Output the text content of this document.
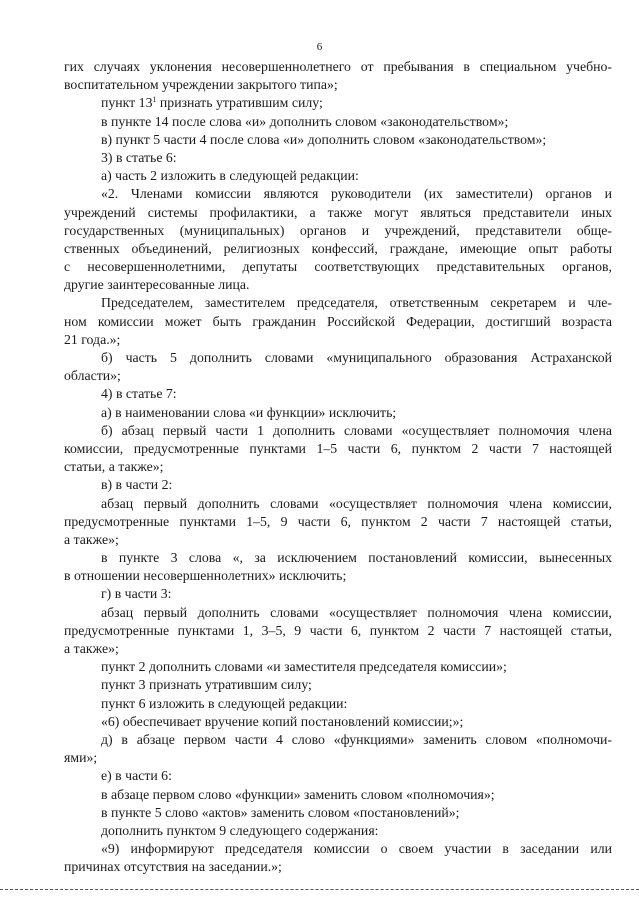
6
гих случаях уклонения несовершеннолетнего от пребывания в специальном учебно-
воспитательном учреждении закрытого типа»;
пункт $13^1$ признать утратившим силу;
в пункте 14 после слова «и» дополнить словом «законодательством»;
в) пункт 5 части 4 после слова «и» дополнить словом «законодательством»;
3) в статье 6:
а) часть 2 изложить в следующей редакции:
«2. Членами комиссии являются руководители (их заместители) органов и
учреждений системы профилактики, а также могут являться представители иных
государственных (муниципальных) органов и учреждений, представители обще-
ственных объединений, религиозных конфессий, граждане, имеющие опыт работы
с несовершеннолетними, депутаты соответствующих представительных органов,
другие заинтересованные лица.
Председателем, заместителем председателя, ответственным секретарем и чле-
ном комиссии может быть гражданин Российской Федерации, достигший возраста
21 года.»;
б) часть 5 дополнить словами «муниципального образования Астраханской
области»;
4) в статье 7:
а) в наименовании слова «и функции» исключить;
б) абзац первый части 1 дополнить словами «осуществляет полномочия члена
комиссии, предусмотренные пунктами 1–5 части 6, пунктом 2 части 7 настоящей
статьи, а также»;
в) в части 2:
абзац первый дополнить словами «осуществляет полномочия члена комиссии,
предусмотренные пунктами 1–5, 9 части 6, пунктом 2 части 7 настоящей статьи,
а также»;
в пункте 3 слова «, за исключением постановлений комиссии, вынесенных
в отношении несовершеннолетних» исключить;
г) в части 3:
абзац первый дополнить словами «осуществляет полномочия члена комиссии,
предусмотренные пунктами 1, 3–5, 9 части 6, пунктом 2 части 7 настоящей статьи,
а также»;
пункт 2 дополнить словами «и заместителя председателя комиссии»;
пункт 3 признать утратившим силу;
пункт 6 изложить в следующей редакции:
«6) обеспечивает вручение копий постановлений комиссии;»;
д) в абзаце первом части 4 слово «функциями» заменить словом «полномочи-
ями»;
е) в части 6:
в абзаце первом слово «функции» заменить словом «полномочия»;
в пункте 5 слово «актов» заменить словом «постановлений»;
дополнить пунктом 9 следующего содержания:
«9) информируют председателя комиссии о своем участии в заседании или
причинах отсутствия на заседании.»;
